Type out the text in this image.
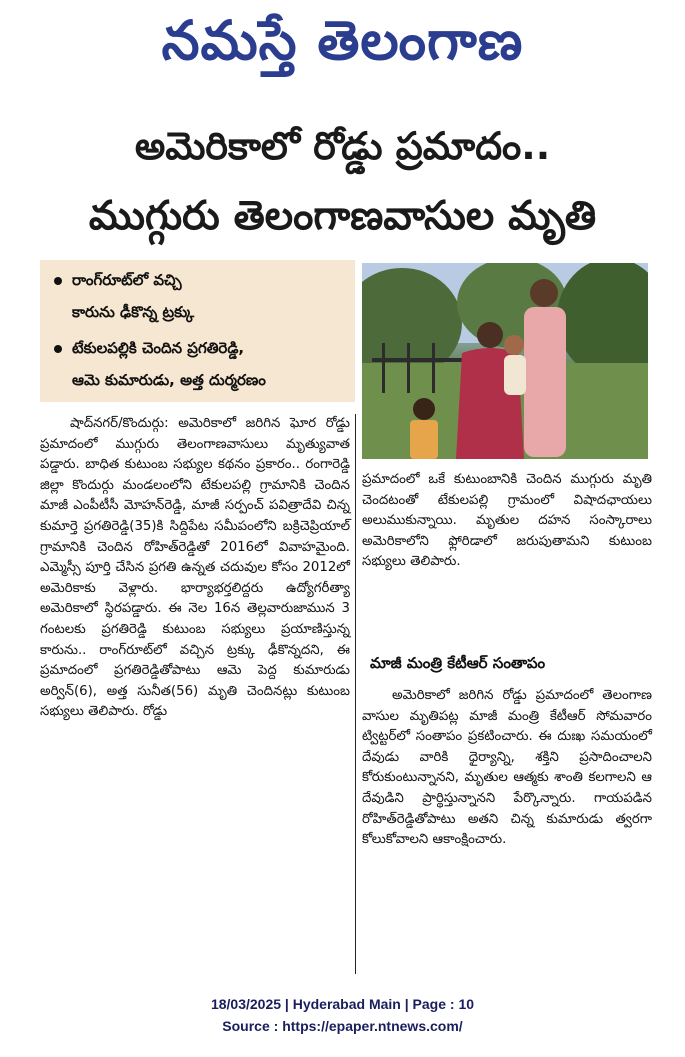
నమస్తే తెలంగాణ
అమెరికాలో రోడ్డు ప్రమాదం..
ముగ్గురు తెలంగాణవాసుల మృతి
రాంగ్‌రూట్‌లో వచ్చి
కారును ఢీకొన్న ట్రక్కు
టేకులపల్లికి చెందిన ప్రగతిరెడ్డి,
ఆమె కుమారుడు, అత్త దుర్మరణం
షాద్‌నగర్/కొందుర్గు: అమెరికాలో జరిగిన ఘోర రోడ్డు ప్రమాదంలో ముగ్గురు తెలంగాణవాసులు మృత్యువాత పడ్డారు. బాధిత కుటుంబ సభ్యుల కథనం ప్రకారం.. రంగారెడ్డి జిల్లా కొందుర్గు మండలంలోని టేకులపల్లి గ్రామానికి చెందిన మాజీ ఎంపీటీసీ మోహన్‌రెడ్డి, మాజీ సర్పంచ్ పవిత్రాదేవి చిన్న కుమార్తె ప్రగతిరెడ్డి(35)కి సిద్దిపేట సమీపంలోని బక్రిచెప్రియాల్ గ్రామానికి చెందిన రోహిత్‌రెడ్డితో 2016లో వివాహమైంది. ఎమ్మెస్సీ పూర్తి చేసిన ప్రగతి ఉన్నత చదువుల కోసం 2012లో అమెరికాకు వెళ్లారు. భార్యాభర్తలిద్దరు ఉద్యోగరీత్యా అమెరికాలో స్థిరపడ్డారు. ఈ నెల 16న తెల్లవారుజామున 3 గంటలకు ప్రగతిరెడ్డి కుటుంబ సభ్యులు ప్రయాణిస్తున్న కారును.. రాంగ్‌రూట్‌లో వచ్చిన ట్రక్కు ఢీకొన్నదని, ఈ ప్రమాదంలో ప్రగతిరెడ్డితోపాటు ఆమె పెద్ద కుమారుడు అర్విన్(6), అత్త సునీత(56) మృతి చెందినట్లు కుటుంబ సభ్యులు తెలిపారు. రోడ్డు
ప్రమాదంలో ఒకే కుటుంబానికి చెందిన ముగ్గురు మృతి చెందటంతో టేకులపల్లి గ్రామంలో విషాదఛాయలు అలుముకున్నాయి. మృతుల దహన సంస్కారాలు అమెరికాలోని ఫ్లోరిడాలో జరుపుతామని కుటుంబ సభ్యులు తెలిపారు.
మాజీ మంత్రి కేటీఆర్ సంతాపం
అమెరికాలో జరిగిన రోడ్డు ప్రమాదంలో తెలంగాణ వాసుల మృతిపట్ల మాజీ మంత్రి కేటీఆర్ సోమవారం ట్విట్టర్‌లో సంతాపం ప్రకటించారు. ఈ దుఃఖ సమయంలో దేవుడు వారికి ధైర్యాన్ని, శక్తిని ప్రసాదించాలని కోరుకుంటున్నానని, మృతుల ఆత్మకు శాంతి కలగాలని ఆ దేవుడిని ప్రార్థిస్తున్నానని పేర్కొన్నారు. గాయపడిన రోహిత్‌రెడ్డితోపాటు అతని చిన్న కుమారుడు త్వరగా కోలుకోవాలని ఆకాంక్షించారు.
18/03/2025 | Hyderabad Main | Page : 10
Source : https://epaper.ntnews.com/
